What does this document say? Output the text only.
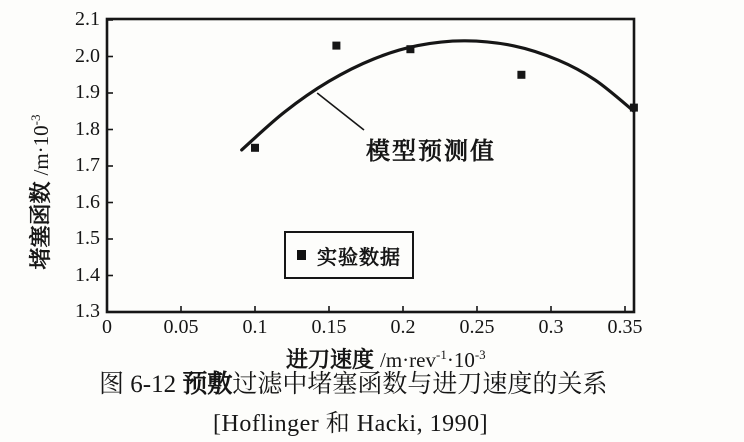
堵塞函数$/m\cdot 10^{-3}$
进刀速度 $/m\cdot rev^{-1}\cdot 10^{-3}$
模型预测值
实验数据
图 6-12 预敷过滤中堵塞函数与进刀速度的关系
[Hoflinger 和 Hacki, 1990]
0	0.05 0.1 0.15 0.2 0.25 0.3 0.35
1.3
1.4
1.5
1.6
1.7
1.8
1.9
2.0
2.1
